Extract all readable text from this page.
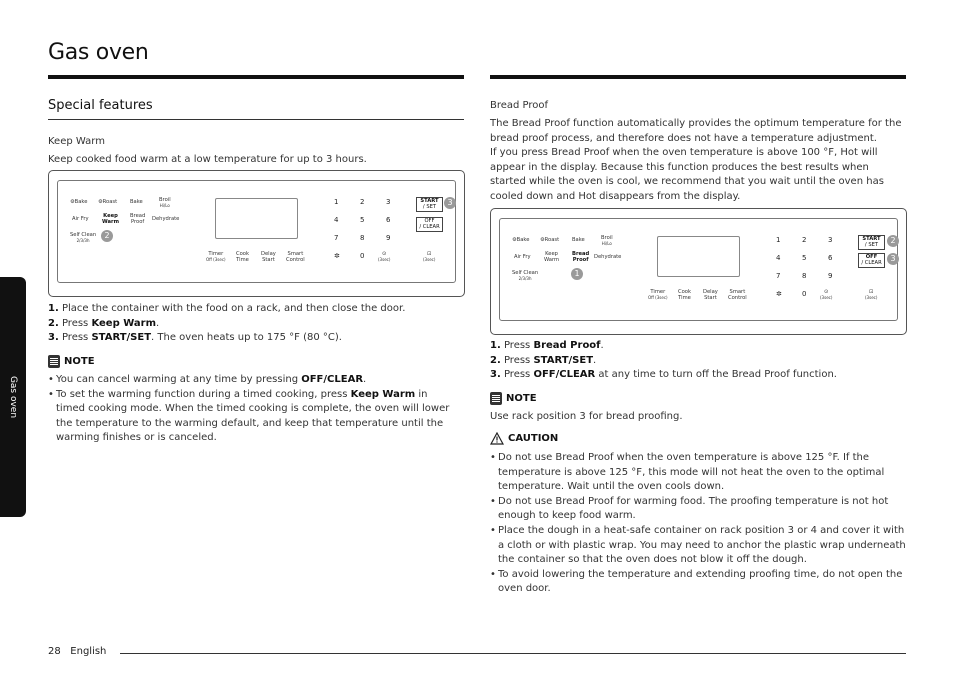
Gas oven
Gas oven
Special features
Keep Warm
Keep cooked food warm at a low temperature for up to 3 hours.
⚙Bake ⚙Roast Bake	Broil
Hi/Lo
Air Fry	Keep
Warm
Bread
Proof Dehydrate
Self Clean
2/3/3h
Timer
Off (3sec)
Cook
Time
Delay
Start
Smart
Control
1	2	3
4	5	6
7	8	9
✲	0	⊙
(3sec)
⊡
(3sec)
START
/ SET
OFF
/ CLEAR
2
3
1. Place the container with the food on a rack, and then close the door.
2. Press Keep Warm.
3. Press START/SET. The oven heats up to 175 °F (80 °C).
NOTE
• You can cancel warming at any time by pressing OFF/CLEAR.
• To set the warming function during a timed cooking, press Keep Warm in timed cooking mode. When the timed cooking is complete, the oven will lower the temperature to the warming default, and keep that temperature until the warming finishes or is canceled.
Bread Proof
The Bread Proof function automatically provides the optimum temperature for the bread proof process, and therefore does not have a temperature adjustment.
If you press Bread Proof when the oven temperature is above 100 °F, Hot will appear in the display. Because this function produces the best results when started while the oven is cool, we recommend that you wait until the oven has cooled down and Hot disappears from the display.
⚙Bake ⚙Roast Bake	Broil
Hi/Lo
Air Fry	Keep
Warm
Bread
Proof Dehydrate
Self Clean
2/3/3h
Timer
Off (3sec)
Cook
Time
Delay
Start
Smart
Control
1	2	3
4	5	6
7	8	9
✲	0	⊙
(3sec)
⊡
(3sec)
START
/ SET
OFF
/ CLEAR
1
2
3
1. Press Bread Proof.
2. Press START/SET.
3. Press OFF/CLEAR at any time to turn off the Bread Proof function.
NOTE
Use rack position 3 for bread proofing.
CAUTION
• Do not use Bread Proof when the oven temperature is above 125 °F. If the temperature is above 125 °F, this mode will not heat the oven to the optimal temperature. Wait until the oven cools down.
• Do not use Bread Proof for warming food. The proofing temperature is not hot enough to keep food warm.
• Place the dough in a heat-safe container on rack position 3 or 4 and cover it with a cloth or with plastic wrap. You may need to anchor the plastic wrap underneath the container so that the oven does not blow it off the dough.
• To avoid lowering the temperature and extending proofing time, do not open the oven door.
28 English
